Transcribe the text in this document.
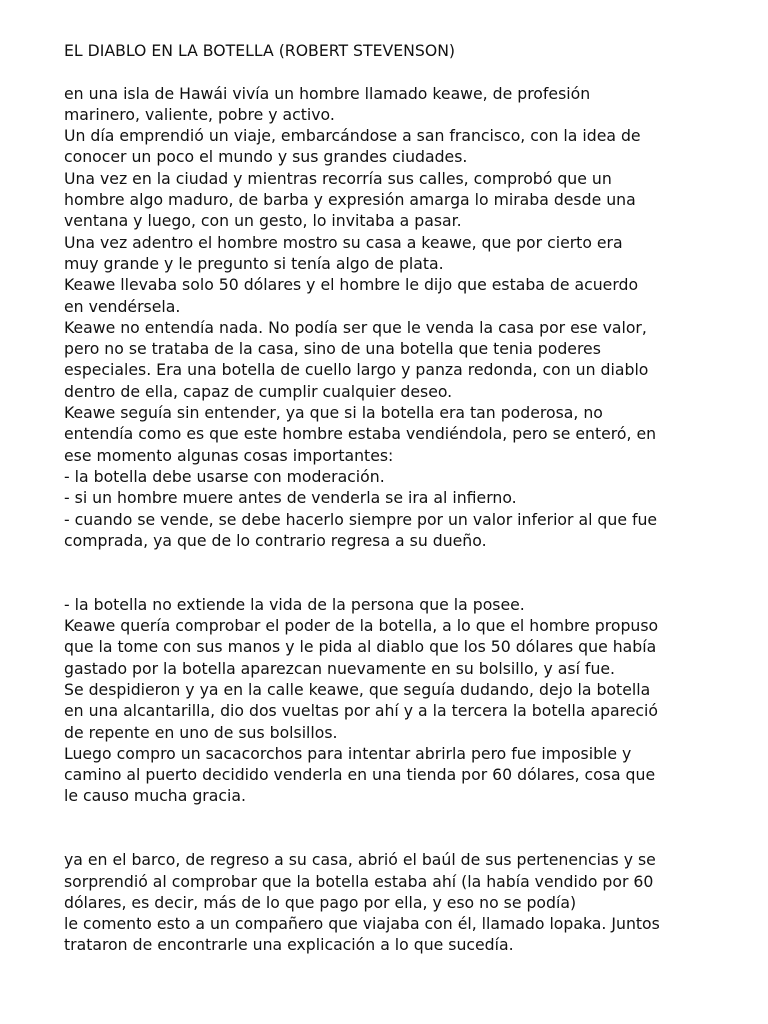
EL DIABLO EN LA BOTELLA (ROBERT STEVENSON)
en una isla de Hawái vivía un hombre llamado keawe, de profesión
marinero, valiente, pobre y activo.
Un día emprendió un viaje, embarcándose a san francisco, con la idea de
conocer un poco el mundo y sus grandes ciudades.
Una vez en la ciudad y mientras recorría sus calles, comprobó que un
hombre algo maduro, de barba y expresión amarga lo miraba desde una
ventana y luego, con un gesto, lo invitaba a pasar.
Una vez adentro el hombre mostro su casa a keawe, que por cierto era
muy grande y le pregunto si tenía algo de plata.
Keawe llevaba solo 50 dólares y el hombre le dijo que estaba de acuerdo
en vendérsela.
Keawe no entendía nada. No podía ser que le venda la casa por ese valor,
pero no se trataba de la casa, sino de una botella que tenia poderes
especiales. Era una botella de cuello largo y panza redonda, con un diablo
dentro de ella, capaz de cumplir cualquier deseo.
Keawe seguía sin entender, ya que si la botella era tan poderosa, no
entendía como es que este hombre estaba vendiéndola, pero se enteró, en
ese momento algunas cosas importantes:
- la botella debe usarse con moderación.
- si un hombre muere antes de venderla se ira al infierno.
- cuando se vende, se debe hacerlo siempre por un valor inferior al que fue
comprada, ya que de lo contrario regresa a su dueño.
- la botella no extiende la vida de la persona que la posee.
Keawe quería comprobar el poder de la botella, a lo que el hombre propuso
que la tome con sus manos y le pida al diablo que los 50 dólares que había
gastado por la botella aparezcan nuevamente en su bolsillo, y así fue.
Se despidieron y ya en la calle keawe, que seguía dudando, dejo la botella
en una alcantarilla, dio dos vueltas por ahí y a la tercera la botella apareció
de repente en uno de sus bolsillos.
Luego compro un sacacorchos para intentar abrirla pero fue imposible y
camino al puerto decidido venderla en una tienda por 60 dólares, cosa que
le causo mucha gracia.
ya en el barco, de regreso a su casa, abrió el baúl de sus pertenencias y se
sorprendió al comprobar que la botella estaba ahí (la había vendido por 60
dólares, es decir, más de lo que pago por ella, y eso no se podía)
le comento esto a un compañero que viajaba con él, llamado lopaka. Juntos
trataron de encontrarle una explicación a lo que sucedía.
